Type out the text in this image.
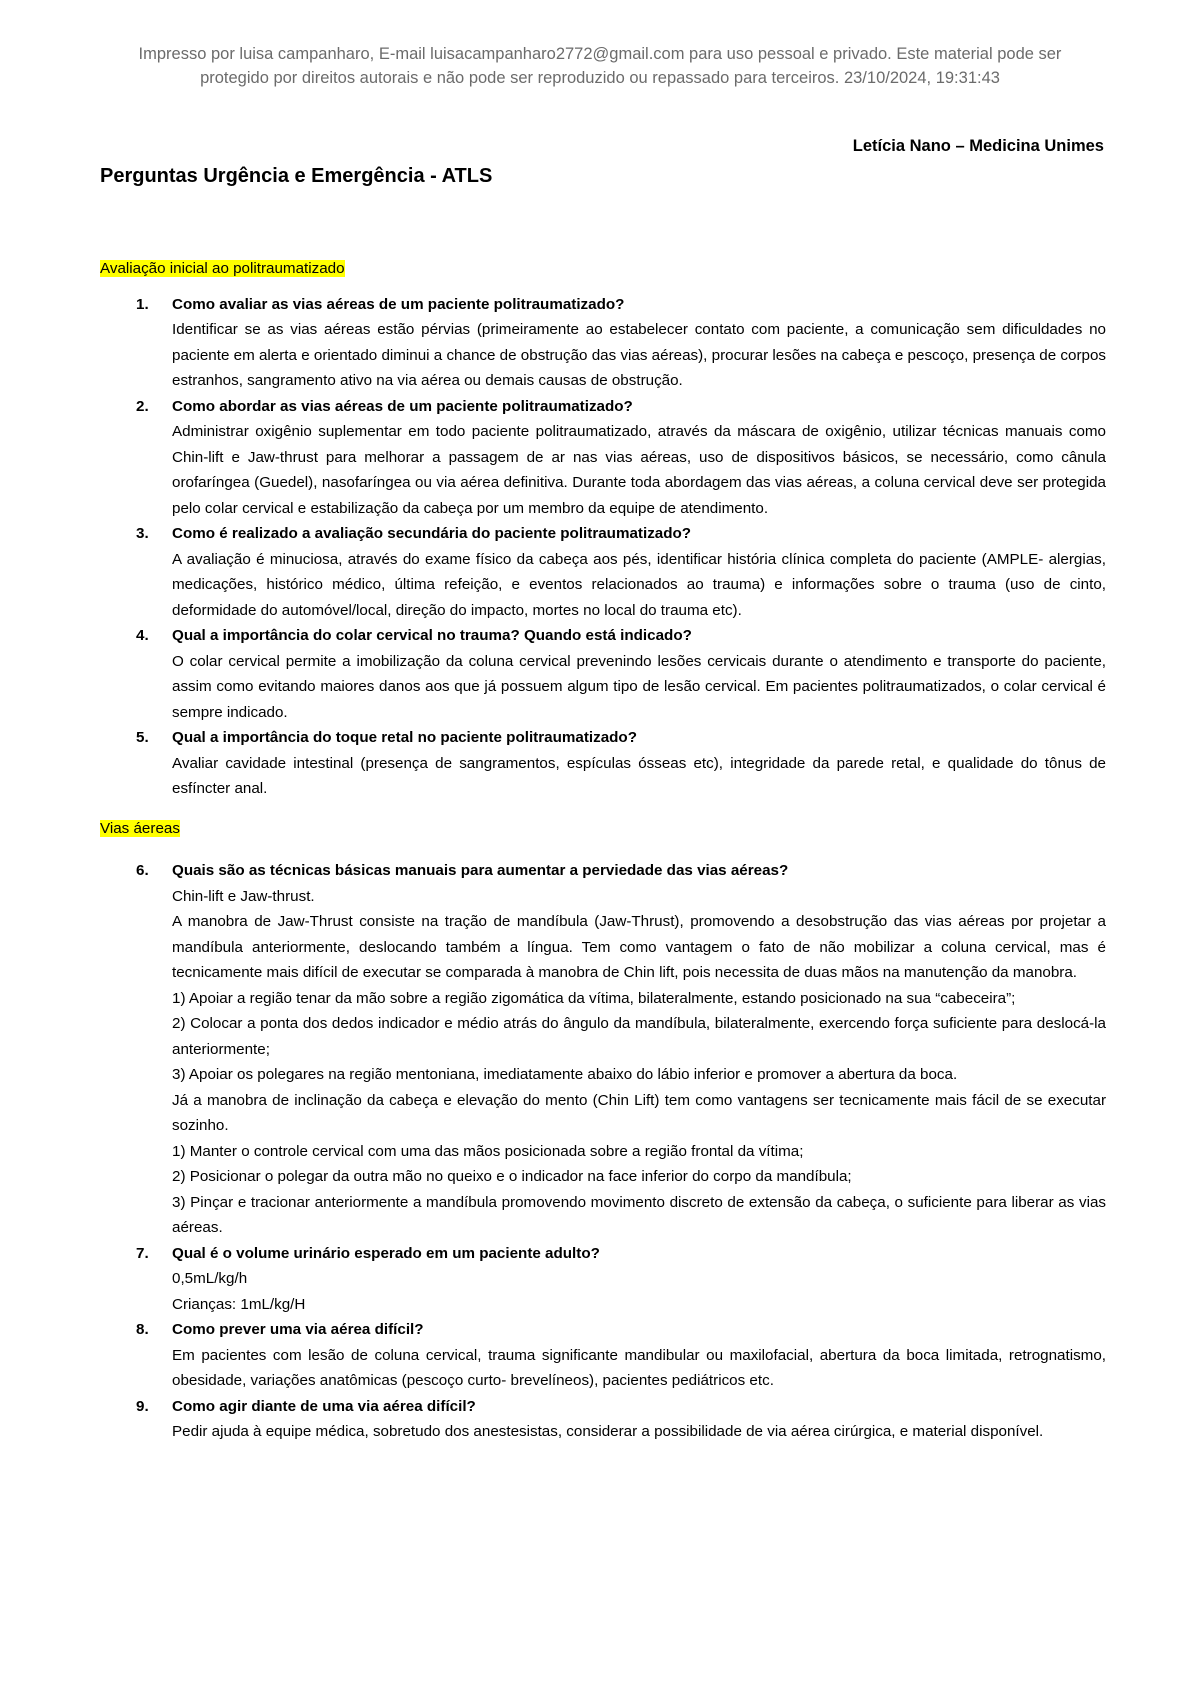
Impresso por luisa campanharo, E-mail luisacampanharo2772@gmail.com para uso pessoal e privado. Este material pode ser
protegido por direitos autorais e não pode ser reproduzido ou repassado para terceiros. 23/10/2024, 19:31:43
Letícia Nano – Medicina Unimes
Perguntas Urgência e Emergência - ATLS
Avaliação inicial ao politraumatizado
1. Como avaliar as vias aéreas de um paciente politraumatizado?
Identificar se as vias aéreas estão pérvias (primeiramente ao estabelecer contato com paciente, a comunicação sem dificuldades no paciente em alerta e orientado diminui a chance de obstrução das vias aéreas), procurar lesões na cabeça e pescoço, presença de corpos estranhos, sangramento ativo na via aérea ou demais causas de obstrução.
2. Como abordar as vias aéreas de um paciente politraumatizado?
Administrar oxigênio suplementar em todo paciente politraumatizado, através da máscara de oxigênio, utilizar técnicas manuais como Chin-lift e Jaw-thrust para melhorar a passagem de ar nas vias aéreas, uso de dispositivos básicos, se necessário, como cânula orofaríngea (Guedel), nasofaríngea ou via aérea definitiva. Durante toda abordagem das vias aéreas, a coluna cervical deve ser protegida pelo colar cervical e estabilização da cabeça por um membro da equipe de atendimento.
3. Como é realizado a avaliação secundária do paciente politraumatizado?
A avaliação é minuciosa, através do exame físico da cabeça aos pés, identificar história clínica completa do paciente (AMPLE- alergias, medicações, histórico médico, última refeição, e eventos relacionados ao trauma) e informações sobre o trauma (uso de cinto, deformidade do automóvel/local, direção do impacto, mortes no local do trauma etc).
4. Qual a importância do colar cervical no trauma? Quando está indicado?
O colar cervical permite a imobilização da coluna cervical prevenindo lesões cervicais durante o atendimento e transporte do paciente, assim como evitando maiores danos aos que já possuem algum tipo de lesão cervical. Em pacientes politraumatizados, o colar cervical é sempre indicado.
5. Qual a importância do toque retal no paciente politraumatizado?
Avaliar cavidade intestinal (presença de sangramentos, espículas ósseas etc), integridade da parede retal, e qualidade do tônus de esfíncter anal.
Vias áereas
6. Quais são as técnicas básicas manuais para aumentar a perviedade das vias aéreas?
Chin-lift e Jaw-thrust.
A manobra de Jaw-Thrust consiste na tração de mandíbula (Jaw-Thrust), promovendo a desobstrução das vias aéreas por projetar a mandíbula anteriormente, deslocando também a língua. Tem como vantagem o fato de não mobilizar a coluna cervical, mas é tecnicamente mais difícil de executar se comparada à manobra de Chin lift, pois necessita de duas mãos na manutenção da manobra.
1) Apoiar a região tenar da mão sobre a região zigomática da vítima, bilateralmente, estando posicionado na sua “cabeceira”;
2) Colocar a ponta dos dedos indicador e médio atrás do ângulo da mandíbula, bilateralmente, exercendo força suficiente para deslocá-la anteriormente;
3) Apoiar os polegares na região mentoniana, imediatamente abaixo do lábio inferior e promover a abertura da boca.
Já a manobra de inclinação da cabeça e elevação do mento (Chin Lift) tem como vantagens ser tecnicamente mais fácil de se executar sozinho.
1) Manter o controle cervical com uma das mãos posicionada sobre a região frontal da vítima;
2) Posicionar o polegar da outra mão no queixo e o indicador na face inferior do corpo da mandíbula;
3) Pinçar e tracionar anteriormente a mandíbula promovendo movimento discreto de extensão da cabeça, o suficiente para liberar as vias aéreas.
7. Qual é o volume urinário esperado em um paciente adulto?
0,5mL/kg/h
Crianças: 1mL/kg/H
8. Como prever uma via aérea difícil?
Em pacientes com lesão de coluna cervical, trauma significante mandibular ou maxilofacial, abertura da boca limitada, retrognatismo, obesidade, variações anatômicas (pescoço curto- brevelíneos), pacientes pediátricos etc.
9. Como agir diante de uma via aérea difícil?
Pedir ajuda à equipe médica, sobretudo dos anestesistas, considerar a possibilidade de via aérea cirúrgica, e material disponível.
